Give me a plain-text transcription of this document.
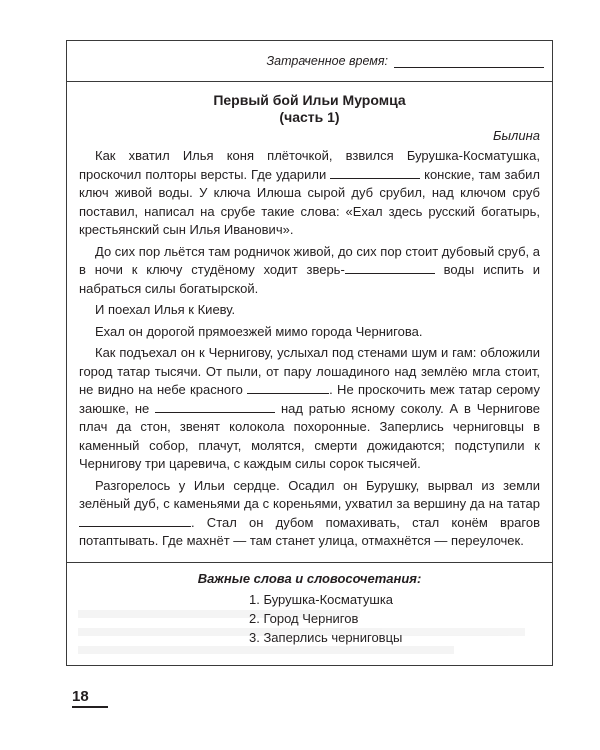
Затраченное время:
Первый бой Ильи Муромца
(часть 1)
Былина

Как хватил Илья коня плёточкой, взвился Бурушка-Косматушка, проскочил полторы версты. Где ударили	конские, там забил ключ живой воды. У ключа Илюша сырой дуб срубил, над ключом сруб поставил, написал на срубе такие слова: «Ехал здесь русский богатырь, крестьянский сын Илья Иванович».

До сих пор льётся там родничок живой, до сих пор стоит дубовый сруб, а в ночи к ключу студёному ходит зверь-	воды испить и набраться силы богатырской.

И поехал Илья к Киеву.

Ехал он дорогой прямоезжей мимо города Чернигова.

Как подъехал он к Чернигову, услыхал под стенами шум и гам: обложили город татар тысячи. От пыли, от пару лошадиного над землёю мгла стоит, не видно на небе красного	. Не проскочить меж татар серому заюшке, не	над ратью ясному соколу. А в Чернигове плач да стон, звенят колокола похоронные. Заперлись черниговцы в каменный собор, плачут, молятся, смерти дожидаются; подступили к Чернигову три царевича, с каждым силы сорок тысячей.

Разгорелось у Ильи сердце. Осадил он Бурушку, вырвал из земли зелёный дуб, с каменьями да с кореньями, ухватил за вершину да на татар . Стал он дубом помахивать, стал конём врагов потаптывать. Где махнёт — там станет улица, отмахнётся — переулочек.

Важные слова и словосочетания:
1. Бурушка-Косматушка
2. Город Чернигов
3. Заперлись черниговцы
18
